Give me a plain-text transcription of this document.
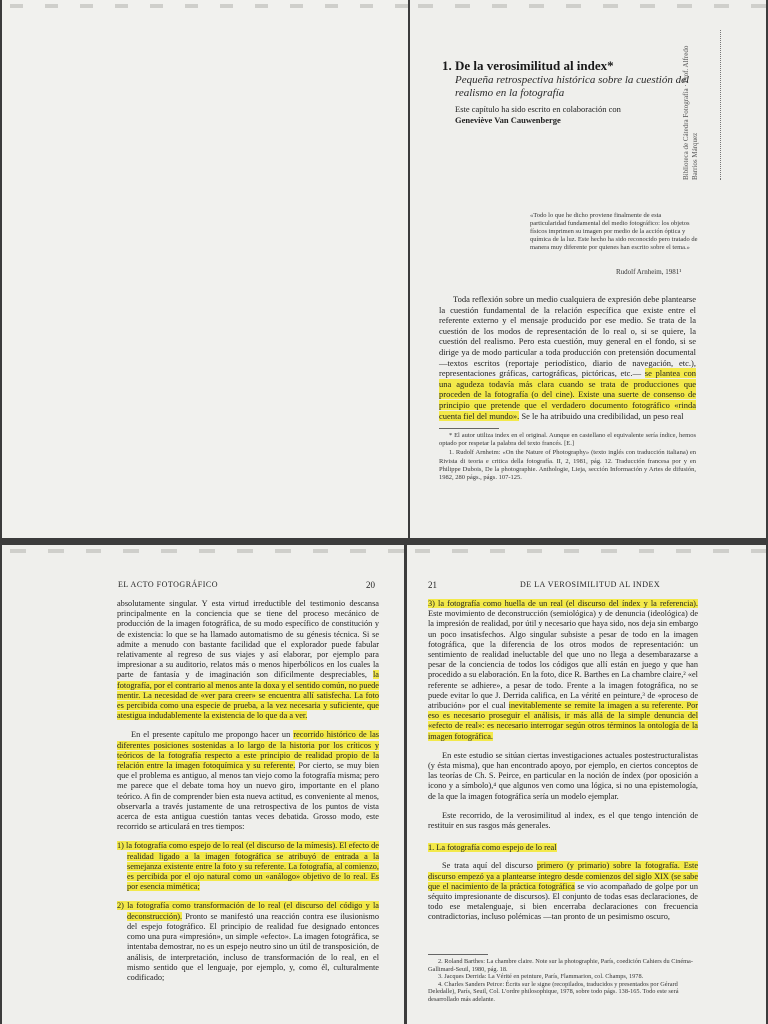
Biblioteca de Cátedra Fotografía · Prof. Alfredo Barrios Márquez
1. De la verosimilitud al index*
Pequeña retrospectiva histórica sobre la cuestión del realismo en la fotografía
Este capítulo ha sido escrito en colaboración con
Geneviève Van Cauwenberge
«Todo lo que he dicho proviene finalmente de esta particularidad fundamental del medio fotográfico: los objetos físicos imprimen su imagen por medio de la acción óptica y química de la luz. Este hecho ha sido reconocido pero tratado de manera muy diferente por quienes han escrito sobre el tema.»
Rudolf Arnheim, 1981¹
Toda reflexión sobre un medio cualquiera de expresión debe plantearse la cuestión fundamental de la relación específica que existe entre el referente externo y el mensaje producido por ese medio. Se trata de la cuestión de los modos de representación de lo real o, si se quiere, la cuestión del realismo. Pero esta cuestión, muy general en el fondo, si se dirige ya de modo particular a toda producción con pretensión documental —textos escritos (reportaje periodístico, diario de navegación, etc.), representaciones gráficas, cartográficas, pictóricas, etc.— se plantea con una agudeza todavía más clara cuando se trata de producciones que proceden de la fotografía (o del cine). Existe una suerte de consenso de principio que pretende que el verdadero documento fotográfico «rinda cuenta fiel del mundo». Se le ha atribuido una credibilidad, un peso real

* El autor utiliza index en el original. Aunque en castellano el equivalente sería índice, hemos optado por respetar la palabra del texto francés. [E.]

1. Rudolf Arnheim: «On the Nature of Photography» (texto inglés con traducción italiana) en Rivista di teoria e critica della fotografía. II, 2, 1981, pág. 12. Traducción francesa por y en Philippe Dubois, De la photographie. Anthologie, Lieja, sección Información y Artes de difusión, 1982, 280 págs., págs. 107-125.

EL ACTO FOTOGRÁFICO	20

absolutamente singular. Y esta virtud irreductible del testimonio descansa principalmente en la conciencia que se tiene del proceso mecánico de producción de la imagen fotográfica, de su modo específico de constitución y de existencia: lo que se ha llamado automatismo de su génesis técnica. Si se admite a menudo con bastante facilidad que el explorador puede fabular relativamente al regreso de sus viajes y así elaborar, por ejemplo para impresionar a su auditorio, relatos más o menos hiperbólicos en los cuales la parte de fantasía y de imaginación son difícilmente despreciables, la fotografía, por el contrario al menos ante la doxa y el sentido común, no puede mentir. La necesidad de «ver para creer» se encuentra allí satisfecha. La foto es percibida como una especie de prueba, a la vez necesaria y suficiente, que atestigua indudablemente la existencia de lo que da a ver.

En el presente capítulo me propongo hacer un recorrido histórico de las diferentes posiciones sostenidas a lo largo de la historia por los críticos y teóricos de la fotografía respecto a este principio de realidad propio de la relación entre la imagen fotoquímica y su referente. Por cierto, se muy bien que el problema es antiguo, al menos tan viejo como la fotografía misma; pero me parece que el debate toma hoy un nuevo giro, importante en el plano teórico. A fin de comprender bien esta nueva actitud, es conveniente al menos, observarla a través justamente de una retrospectiva de los puntos de vista acerca de esta antigua cuestión tantas veces debatida. Grosso modo, este recorrido se articulará en tres tiempos:

1) la fotografía como espejo de lo real (el discurso de la mímesis). El efecto de realidad ligado a la imagen fotográfica se atribuyó de entrada a la semejanza existente entre la foto y su referente. La fotografía, al comienzo, es percibida por el ojo natural como un «análogo» objetivo de lo real. Es por esencia mimética;

2) la fotografía como transformación de lo real (el discurso del código y la deconstrucción). Pronto se manifestó una reacción contra ese ilusionismo del espejo fotográfico. El principio de realidad fue designado entonces como una pura «impresión», un simple «efecto». La imagen fotográfica, se intentaba demostrar, no es un espejo neutro sino un útil de transposición, de análisis, de interpretación, incluso de transformación de lo real, en el mismo sentido que el lenguaje, por ejemplo, y, como él, culturalmente codificado;

21	DE LA VEROSIMILITUD AL INDEX

3) la fotografía como huella de un real (el discurso del índex y la referencia). Este movimiento de deconstrucción (semiológica) y de denuncia (ideológica) de la impresión de realidad, por útil y necesario que haya sido, nos deja sin embargo un poco insatisfechos. Algo singular subsiste a pesar de todo en la imagen fotográfica, que la diferencia de los otros modos de representación: un sentimiento de realidad ineluctable del que uno no llega a desembarazarse a pesar de la conciencia de todos los códigos que allí están en juego y que han procedido a su elaboración. En la foto, dice R. Barthes en La chambre claire,² «el referente se adhiere», a pesar de todo. Frente a la imagen fotográfica, no se puede evitar lo que J. Derrida califica, en La vérité en peinture,³ de «proceso de atribución» por el cual inevitablemente se remite la imagen a su referente. Por eso es necesario proseguir el análisis, ir más allá de la simple denuncia del «efecto de real»: es necesario interrogar según otros términos la ontología de la imagen fotográfica.

En este estudio se sitúan ciertas investigaciones actuales postestructuralistas (y ésta misma), que han encontrado apoyo, por ejemplo, en ciertos conceptos de las teorías de Ch. S. Peirce, en particular en la noción de índex (por oposición a icono y a símbolo),⁴ que algunos ven como una lógica, si no una epistemología, de la que la imagen fotográfica sería un modelo ejemplar.

Este recorrido, de la verosimilitud al index, es el que tengo intención de restituir en sus rasgos más generales.

1. La fotografía como espejo de lo real

Se trata aquí del discurso primero (y primario) sobre la fotografía. Este discurso empezó ya a plantearse íntegro desde comienzos del siglo XIX (se sabe que el nacimiento de la práctica fotográfica se vio acompañado de golpe por un séquito impresionante de discursos). El conjunto de todas esas declaraciones, de todo ese metalenguaje, si bien encerraba declaraciones con frecuencia contradictorias, incluso polémicas —tan pronto de un pesimismo oscuro,

2. Roland Barthes: La chambre claire. Note sur la photographie, París, coedición Cahiers du Cinéma-Gallimard-Seuil, 1980, pág. 18.

3. Jacques Derrida: La Vérité en peinture, París, Flammarion, col. Champs, 1978.

4. Charles Sanders Peirce: Écrits sur le signe (recopilados, traducidos y presentados por Gérard Deledalle), París, Seuil, Col. L'ordre philosophique, 1978, sobre todo págs. 138-165. Todo este será desarrollado más adelante.
